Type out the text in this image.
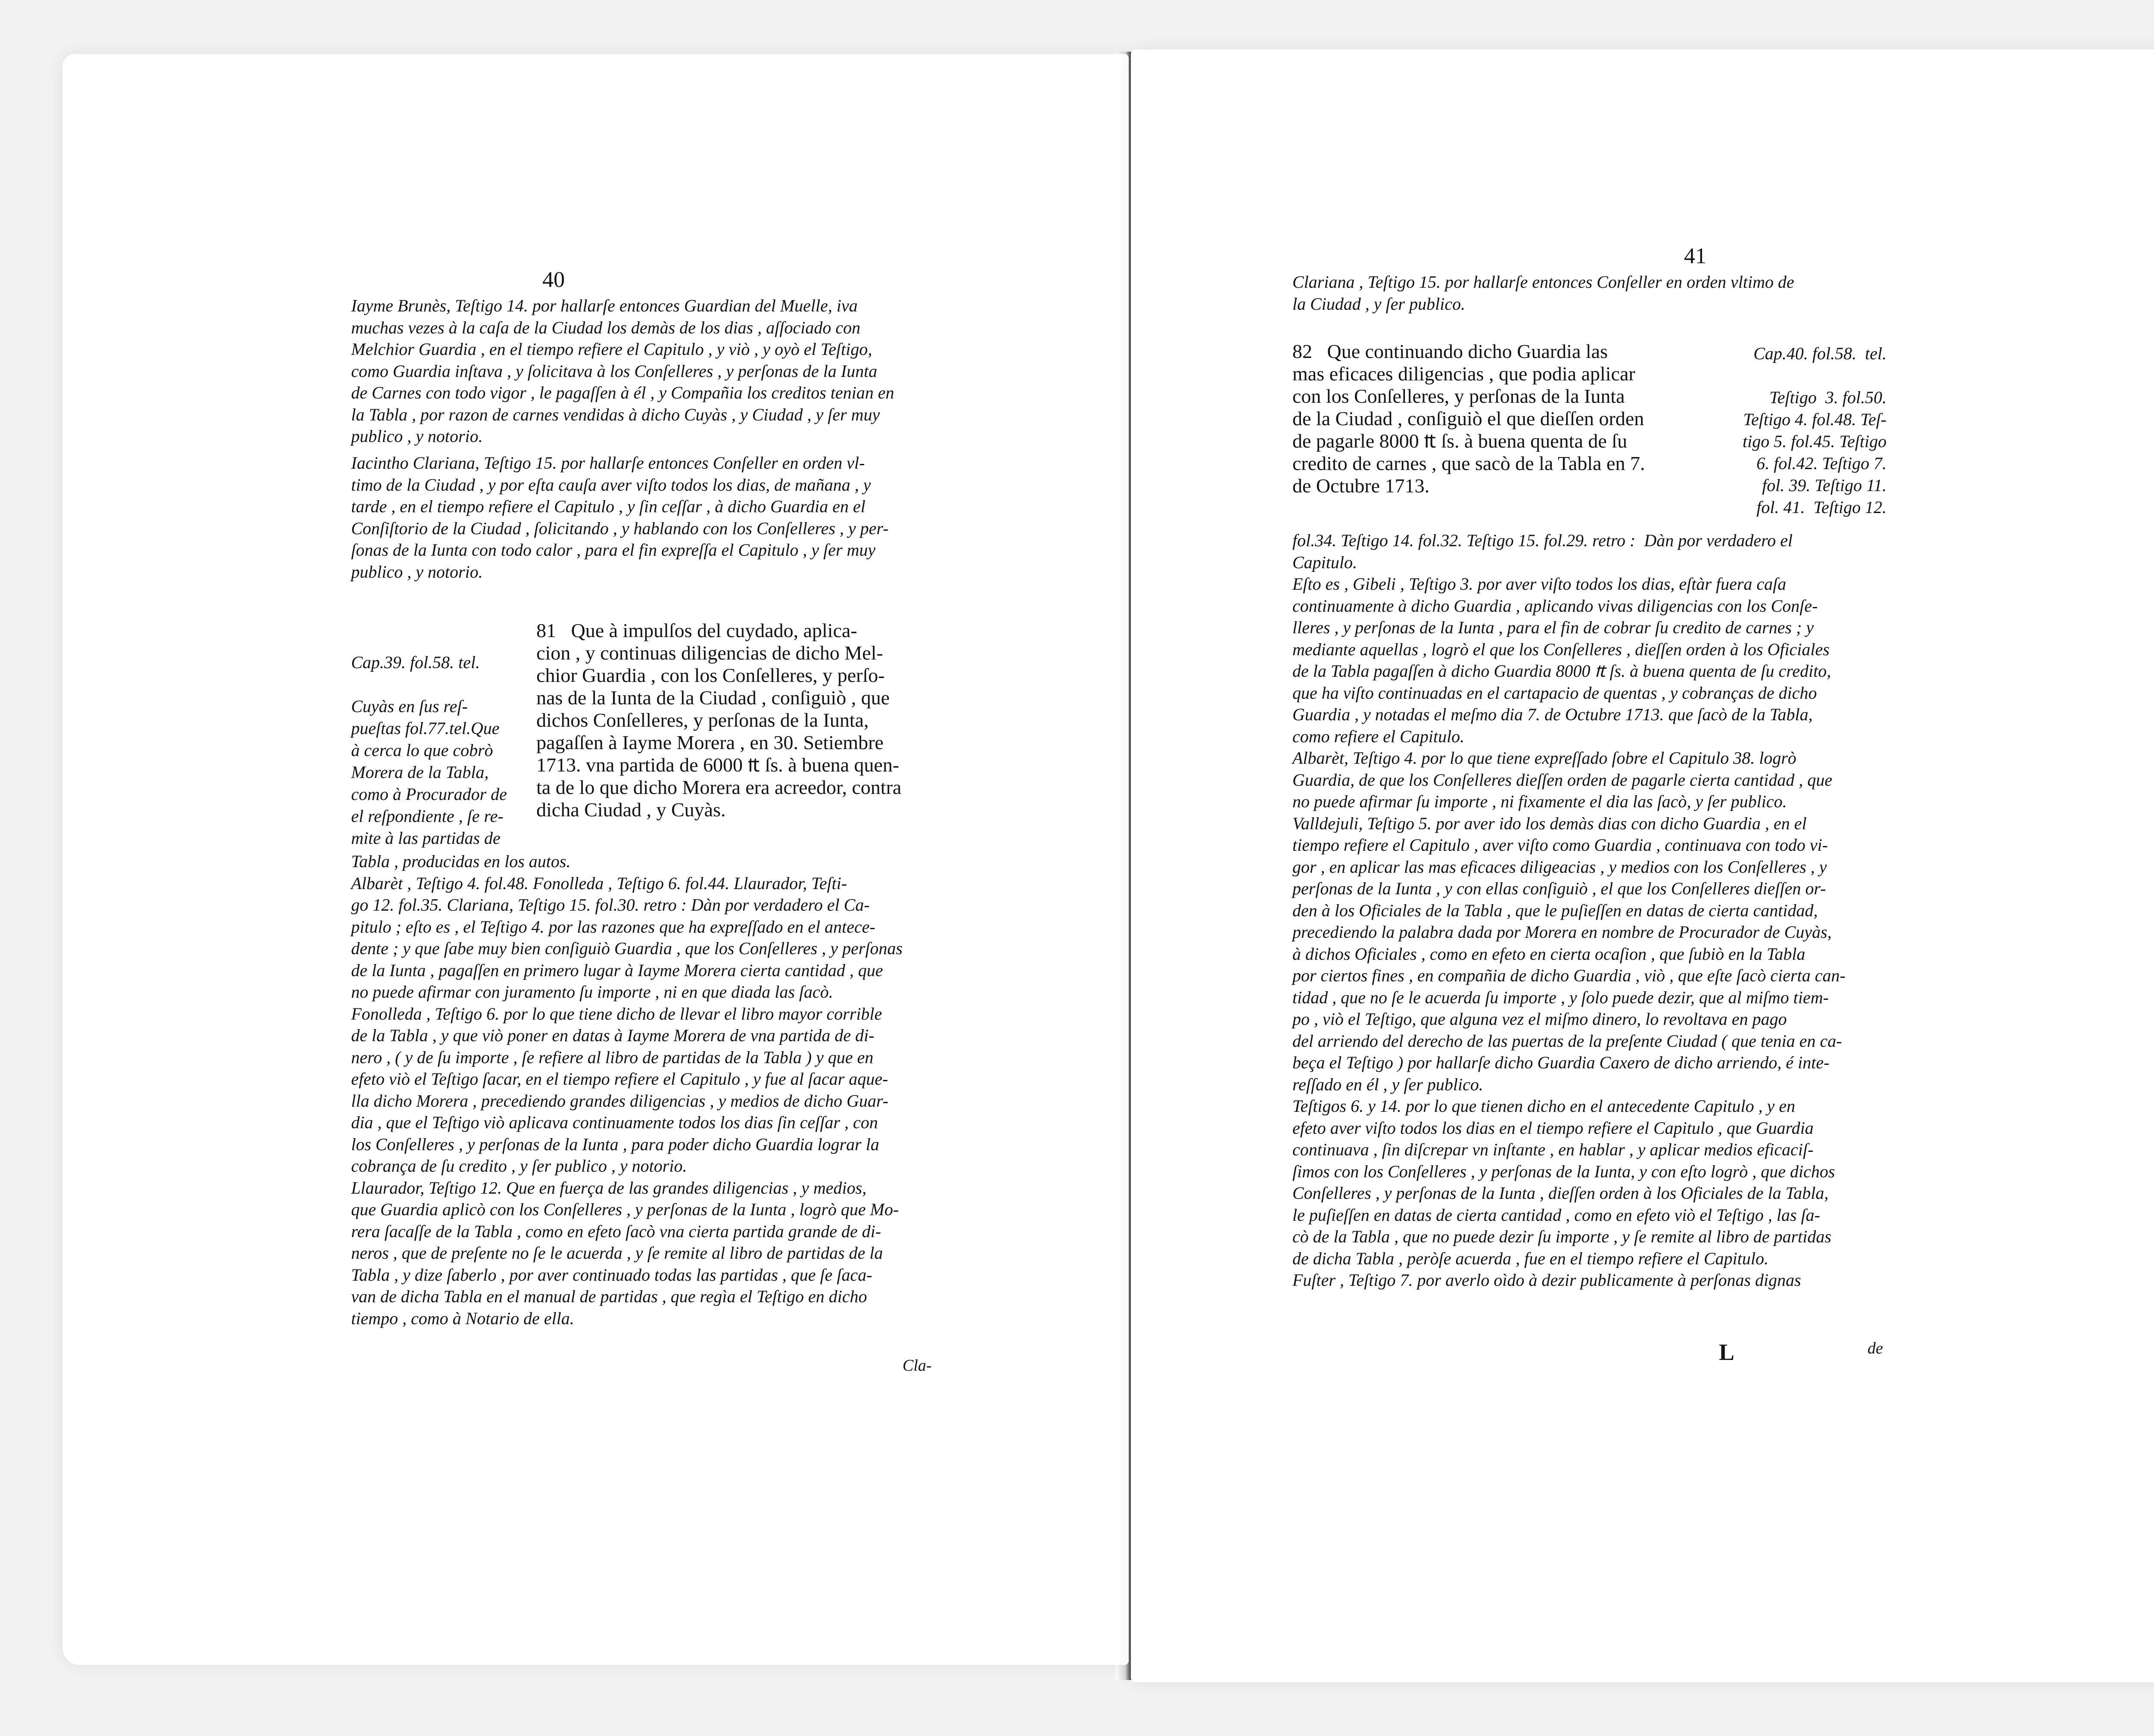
40
Iayme Brunès, Teſtigo 14. por hallarſe entonces Guardian del Muelle, iva
muchas vezes à la caſa de la Ciudad los demàs de los dias , aſſociado con
Melchior Guardia , en el tiempo refiere el Capitulo , y viò , y oyò el Teſtigo,
como Guardia inſtava , y ſolicitava à los Conſelleres , y perſonas de la Iunta
de Carnes con todo vigor , le pagaſſen à él , y Compañia los creditos tenian en
la Tabla , por razon de carnes vendidas à dicho Cuyàs , y Ciudad , y ſer muy
publico , y notorio.
Iacintho Clariana, Teſtigo 15. por hallarſe entonces Conſeller en orden vl-
timo de la Ciudad , y por eſta cauſa aver viſto todos los dias, de mañana , y
tarde , en el tiempo refiere el Capitulo , y ſin ceſſar , à dicho Guardia en el
Conſiſtorio de la Ciudad , ſolicitando , y hablando con los Conſelleres , y per-
ſonas de la Iunta con todo calor , para el fin expreſſa el Capitulo , y ſer muy
publico , y notorio.
Cap.39. fol.58. tel.

Cuyàs en ſus reſ-
pueſtas fol.77.tel.Que
à cerca lo que cobrò
Morera de la Tabla,
como à Procurador de
el reſpondiente , ſe re-
mite à las partidas de
81   Que à impulſos del cuydado, aplica-
cion , y continuas diligencias de dicho Mel-
chior Guardia , con los Conſelleres, y perſo-
nas de la Iunta de la Ciudad , conſiguiò , que
dichos Conſelleres, y perſonas de la Iunta,
pagaſſen à Iayme Morera , en 30. Setiembre
1713. vna partida de 6000 ₶ ſs. à buena quen-
ta de lo que dicho Morera era acreedor, contra
dicha Ciudad , y Cuyàs.
Tabla , producidas en los autos.
Albarèt , Teſtigo 4. fol.48. Fonolleda , Teſtigo 6. fol.44. Llaurador, Teſti-
go 12. fol.35. Clariana, Teſtigo 15. fol.30. retro : Dàn por verdadero el Ca-
pitulo ; eſto es , el Teſtigo 4. por las razones que ha expreſſado en el antece-
dente ; y que ſabe muy bien conſiguiò Guardia , que los Conſelleres , y perſonas
de la Iunta , pagaſſen en primero lugar à Iayme Morera cierta cantidad , que
no puede afirmar con juramento ſu importe , ni en que diada las ſacò.
Fonolleda , Teſtigo 6. por lo que tiene dicho de llevar el libro mayor corrible
de la Tabla , y que viò poner en datas à Iayme Morera de vna partida de di-
nero , ( y de ſu importe , ſe refiere al libro de partidas de la Tabla ) y que en
efeto viò el Teſtigo ſacar, en el tiempo refiere el Capitulo , y fue al ſacar aque-
lla dicho Morera , precediendo grandes diligencias , y medios de dicho Guar-
dia , que el Teſtigo viò aplicava continuamente todos los dias ſin ceſſar , con
los Conſelleres , y perſonas de la Iunta , para poder dicho Guardia lograr la
cobrança de ſu credito , y ſer publico , y notorio.
Llaurador, Teſtigo 12. Que en fuerça de las grandes diligencias , y medios,
que Guardia aplicò con los Conſelleres , y perſonas de la Iunta , logrò que Mo-
rera ſacaſſe de la Tabla , como en efeto ſacò vna cierta partida grande de di-
neros , que de preſente no ſe le acuerda , y ſe remite al libro de partidas de la
Tabla , y dize ſaberlo , por aver continuado todas las partidas , que ſe ſaca-
van de dicha Tabla en el manual de partidas , que regìa el Teſtigo en dicho
tiempo , como à Notario de ella.
Cla-
41
Clariana , Teſtigo 15. por hallarſe entonces Conſeller en orden vltimo de
la Ciudad , y ſer publico.
82   Que continuando dicho Guardia las
mas eficaces diligencias , que podia aplicar
con los Conſelleres, y perſonas de la Iunta
de la Ciudad , conſiguiò el que dieſſen orden
de pagarle 8000 ₶ ſs. à buena quenta de ſu
credito de carnes , que sacò de la Tabla en 7.
de Octubre 1713.
Cap.40. fol.58.  tel.

Teſtigo  3. fol.50.
Teſtigo 4. fol.48. Teſ-
tigo 5. fol.45. Teſtigo
6. fol.42. Teſtigo 7.
fol. 39. Teſtigo 11.
fol. 41.  Teſtigo 12.
fol.34. Teſtigo 14. fol.32. Teſtigo 15. fol.29. retro :  Dàn por verdadero el
Capitulo.
Eſto es , Gibeli , Teſtigo 3. por aver viſto todos los dias, eſtàr fuera caſa
continuamente à dicho Guardia , aplicando vivas diligencias con los Conſe-
lleres , y perſonas de la Iunta , para el fin de cobrar ſu credito de carnes ; y
mediante aquellas , logrò el que los Conſelleres , dieſſen orden à los Oficiales
de la Tabla pagaſſen à dicho Guardia 8000 ₶ ſs. à buena quenta de ſu credito,
que ha viſto continuadas en el cartapacio de quentas , y cobranças de dicho
Guardia , y notadas el meſmo dia 7. de Octubre 1713. que ſacò de la Tabla,
como refiere el Capitulo.
Albarèt, Teſtigo 4. por lo que tiene expreſſado ſobre el Capitulo 38. logrò
Guardia, de que los Conſelleres dieſſen orden de pagarle cierta cantidad , que
no puede afirmar ſu importe , ni fixamente el dia las ſacò, y ſer publico.
Valldejuli, Teſtigo 5. por aver ido los demàs dias con dicho Guardia , en el
tiempo refiere el Capitulo , aver viſto como Guardia , continuava con todo vi-
gor , en aplicar las mas eficaces diligeacias , y medios con los Conſelleres , y
perſonas de la Iunta , y con ellas conſiguiò , el que los Conſelleres dieſſen or-
den à los Oficiales de la Tabla , que le puſieſſen en datas de cierta cantidad,
precediendo la palabra dada por Morera en nombre de Procurador de Cuyàs,
à dichos Oficiales , como en efeto en cierta ocaſion , que ſubiò en la Tabla
por ciertos fines , en compañia de dicho Guardia , viò , que eſte ſacò cierta can-
tidad , que no ſe le acuerda ſu importe , y ſolo puede dezir, que al miſmo tiem-
po , viò el Teſtigo, que alguna vez el miſmo dinero, lo revoltava en pago
del arriendo del derecho de las puertas de la preſente Ciudad ( que tenia en ca-
beça el Teſtigo ) por hallarſe dicho Guardia Caxero de dicho arriendo, é inte-
reſſado en él , y ſer publico.
Teſtigos 6. y 14. por lo que tienen dicho en el antecedente Capitulo , y en
efeto aver viſto todos los dias en el tiempo refiere el Capitulo , que Guardia
continuava , ſin diſcrepar vn inſtante , en hablar , y aplicar medios eficaciſ-
ſimos con los Conſelleres , y perſonas de la Iunta, y con eſto logrò , que dichos
Conſelleres , y perſonas de la Iunta , dieſſen orden à los Oficiales de la Tabla,
le puſieſſen en datas de cierta cantidad , como en efeto viò el Teſtigo , las ſa-
cò de la Tabla , que no puede dezir ſu importe , y ſe remite al libro de partidas
de dicha Tabla , peròſe acuerda , fue en el tiempo refiere el Capitulo.
Fuſter , Teſtigo 7. por averlo oìdo à dezir publicamente à perſonas dignas
L	de
